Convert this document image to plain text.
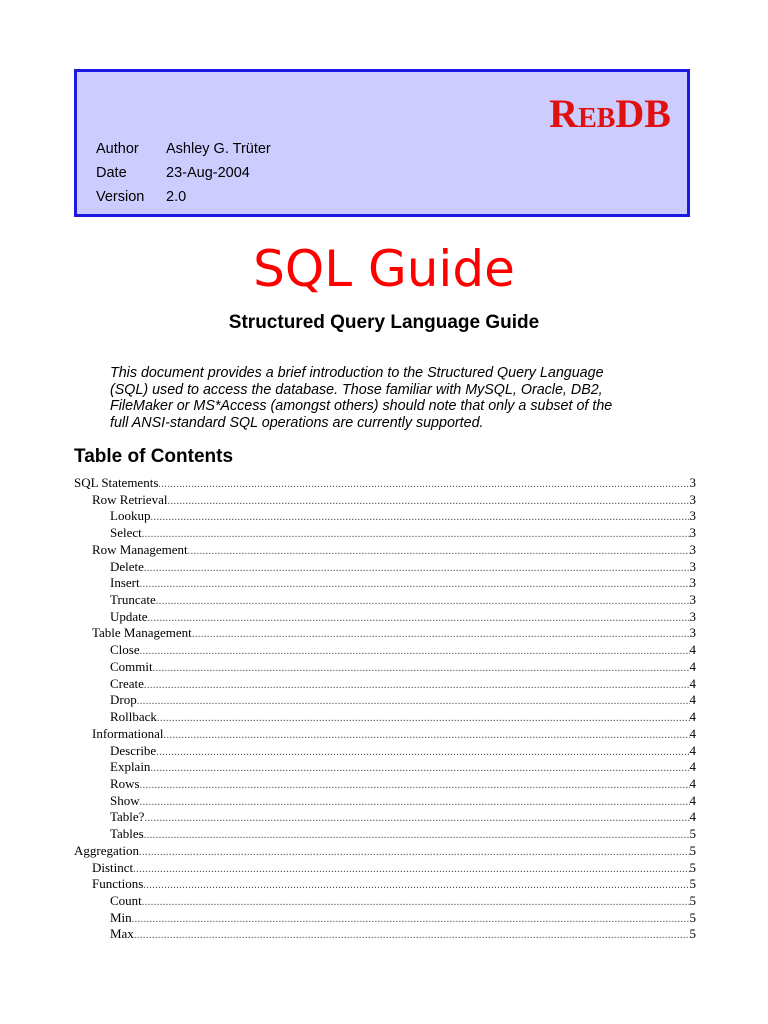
REBDB
Author	Ashley G. Trüter
Date	23-Aug-2004
Version	2.0
SQL Guide
Structured Query Language Guide
This document provides a brief introduction to the Structured Query Language
(SQL) used to access the database. Those familiar with MySQL, Oracle, DB2,
FileMaker or MS*Access (amongst others) should note that only a subset of the
full ANSI-standard SQL operations are currently supported.
Table of Contents
SQL Statements .....	3
Row Retrieval .....	3
Lookup .....	3
Select .....	3
Row Management .....	3
Delete .....	3
Insert .....	3
Truncate .....	3
Update .....	3
Table Management .....	3
Close .....	4
Commit .....	4
Create .....	4
Drop .....	4
Rollback .....	4
Informational .....	4
Describe .....	4
Explain .....	4
Rows .....	4
Show .....	4
Table? .....	4
Tables .....	5
Aggregation .....	5
Distinct .....	5
Functions .....	5
Count .....	5
Min .....	5
Max .....	5
